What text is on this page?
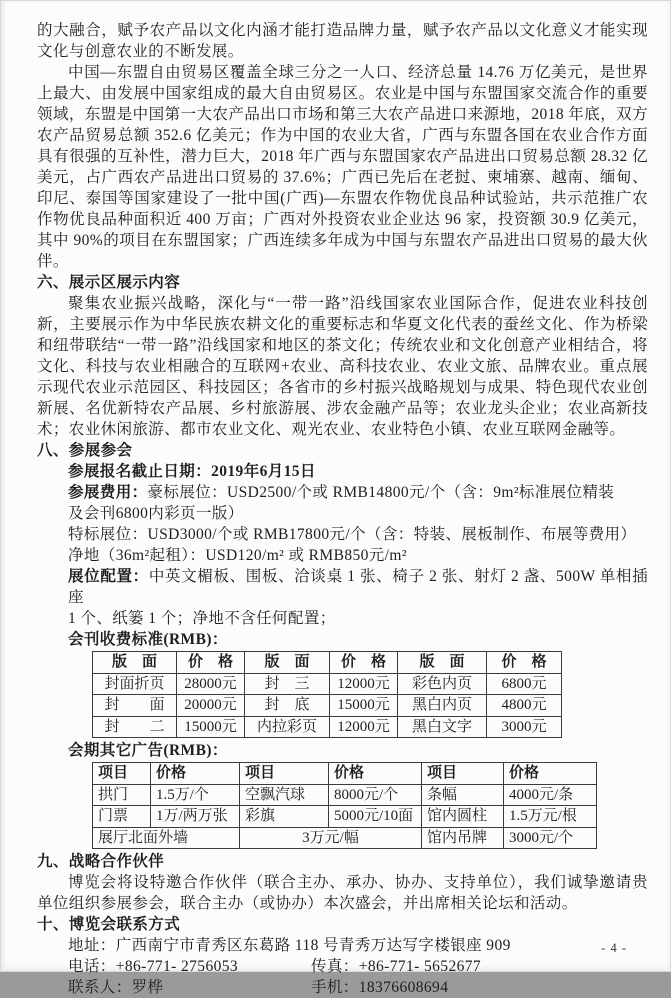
的大融合，赋予农产品以文化内涵才能打造品牌力量，赋予农产品以文化意义才能实现文化与创意农业的不断发展。
中国—东盟自由贸易区覆盖全球三分之一人口、经济总量 14.76 万亿美元，是世界上最大、由发展中国家组成的最大自由贸易区。农业是中国与东盟国家交流合作的重要领域，东盟是中国第一大农产品出口市场和第三大农产品进口来源地，2018 年底，双方农产品贸易总额 352.6 亿美元；作为中国的农业大省，广西与东盟各国在农业合作方面具有很强的互补性，潜力巨大，2018 年广西与东盟国家农产品进出口贸易总额 28.32 亿美元，占广西农产品进出口贸易的 37.6%；广西已先后在老挝、柬埔寨、越南、缅甸、印尼、泰国等国家建设了一批中国(广西)—东盟农作物优良品种试验站，共示范推广农作物优良品种面积近 400 万亩；广西对外投资农业企业达 96 家，投资额 30.9 亿美元，其中 90%的项目在东盟国家；广西连续多年成为中国与东盟农产品进出口贸易的最大伙伴。
六、展示区展示内容
聚集农业振兴战略，深化与“一带一路”沿线国家农业国际合作，促进农业科技创新，主要展示作为中华民族农耕文化的重要标志和华夏文化代表的蚕丝文化、作为桥梁和纽带联结“一带一路”沿线国家和地区的茶文化；传统农业和文化创意产业相结合，将文化、科技与农业相融合的互联网+农业、高科技农业、农业文旅、品牌农业。重点展示现代农业示范园区、科技园区；各省市的乡村振兴战略规划与成果、特色现代农业创新展、名优新特农产品展、乡村旅游展、涉农金融产品等；农业龙头企业；农业高新技术；农业休闲旅游、都市农业文化、观光农业、农业特色小镇、农业互联网金融等。
八、参展参会
参展报名截止日期：2019年6月15日
参展费用：豪标展位：USD2500/个或 RMB14800元/个（含：9m²标准展位精装
及会刊6800内彩页一版）
特标展位：USD3000/个或 RMB17800元/个（含：特装、展板制作、布展等费用）
净地（36m²起租）：USD120/m² 或 RMB850元/m²
展位配置：中英文楣板、围板、洽谈桌 1 张、椅子 2 张、射灯 2 盏、500W 单相插座
1 个、纸篓 1 个；净地不含任何配置；
会刊收费标准(RMB)：
版　面	价　格	版　面	价　格	版　面	价　格
封面折页	28000元	封　三	12000元	彩色内页	6800元
封　　面	20000元	封　底	15000元	黑白内页	4800元
封　　二	15000元	内拉彩页	12000元	黑白文字	3000元
会期其它广告(RMB)：
项目	价格	项目	价格	项目	价格
拱门	1.5万/个	空飘汽球	8000元/个	条幅	4000元/条
门票	1万/两万张	彩旗	5000元/10面	馆内圆柱	1.5万元/根
展厅北面外墙		3万元/幅		馆内吊牌	3000元/个
九、战略合作伙伴
博览会将设特邀合作伙伴（联合主办、承办、协办、支持单位），我们诚挚邀请贵单位组织参展参会，联合主办（或协办）本次盛会，并出席相关论坛和活动。
十、博览会联系方式
地址： 广西南宁市青秀区东葛路 118 号青秀万达写字楼银座 909
电话：+86-771- 2756053	传真：+86-771- 5652677
联系人：罗桦	手机：18376608694
- 4 -
